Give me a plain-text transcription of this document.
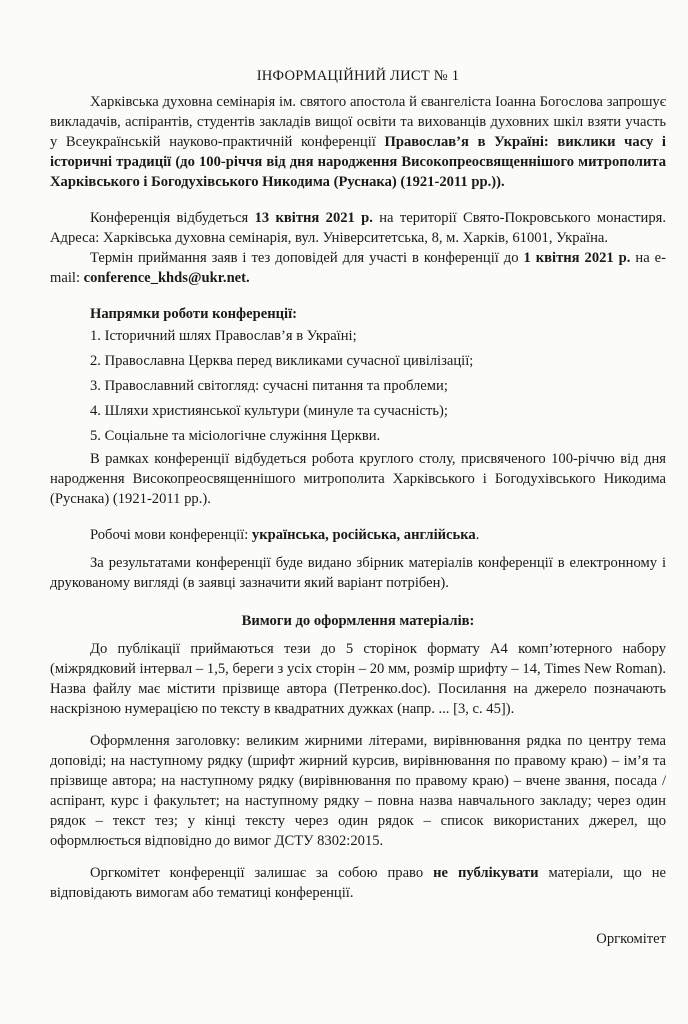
ІНФОРМАЦІЙНИЙ ЛИСТ № 1

Харківська духовна семінарія ім. святого апостола й євангеліста Іоанна Богослова запрошує викладачів, аспірантів, студентів закладів вищої освіти та вихованців духовних шкіл взяти участь у Всеукраїнській науково-практичній конференції Православ’я в Україні: виклики часу і історичні традиції (до 100-річчя від дня народження Високопреосвященнішого митрополита Харківського і Богодухівського Никодима (Руснака) (1921-2011 рр.)).

Конференція відбудеться 13 квітня 2021 р. на території Свято-Покровського монастиря. Адреса: Харківська духовна семінарія, вул. Університетська, 8, м. Харків, 61001, Україна.

Термін приймання заяв і тез доповідей для участі в конференції до 1 квітня 2021 р. на e-mail: conference_khds@ukr.net.

Напрямки роботи конференції:
1. Історичний шлях Православ’я в Україні;
2. Православна Церква перед викликами сучасної цивілізації;
3. Православний світогляд: сучасні питання та проблеми;
4. Шляхи християнської культури (минуле та сучасність);
5. Соціальне та місіологічне служіння Церкви.

В рамках конференції відбудеться робота круглого столу, присвяченого 100-річчю від дня народження Високопреосвященнішого митрополита Харківського і Богодухівського Никодима (Руснака) (1921-2011 рр.).

Робочі мови конференції: українська, російська, англійська.

За результатами конференції буде видано збірник матеріалів конференції в електронному і друкованому вигляді (в заявці зазначити який варіант потрібен).

Вимоги до оформлення матеріалів:

До публікації приймаються тези до 5 сторінок формату А4 комп’ютерного набору (міжрядковий інтервал – 1,5, береги з усіх сторін – 20 мм, розмір шрифту – 14, Times New Roman). Назва файлу має містити прізвище автора (Петренко.doc). Посилання на джерело позначають наскрізною нумерацією по тексту в квадратних дужках (напр. ... [3, с. 45]).

Оформлення заголовку: великим жирними літерами, вирівнювання рядка по центру тема доповіді; на наступному рядку (шрифт жирний курсив, вирівнювання по правому краю) – ім’я та прізвище автора; на наступному рядку (вирівнювання по правому краю) – вчене звання, посада / аспірант, курс і факультет; на наступному рядку – повна назва навчального закладу; через один рядок – текст тез; у кінці тексту через один рядок – список використаних джерел, що оформлюється відповідно до вимог ДСТУ 8302:2015.

Оргкомітет конференції залишає за собою право не публікувати матеріали, що не відповідають вимогам або тематиці конференції.

Оргкомітет
